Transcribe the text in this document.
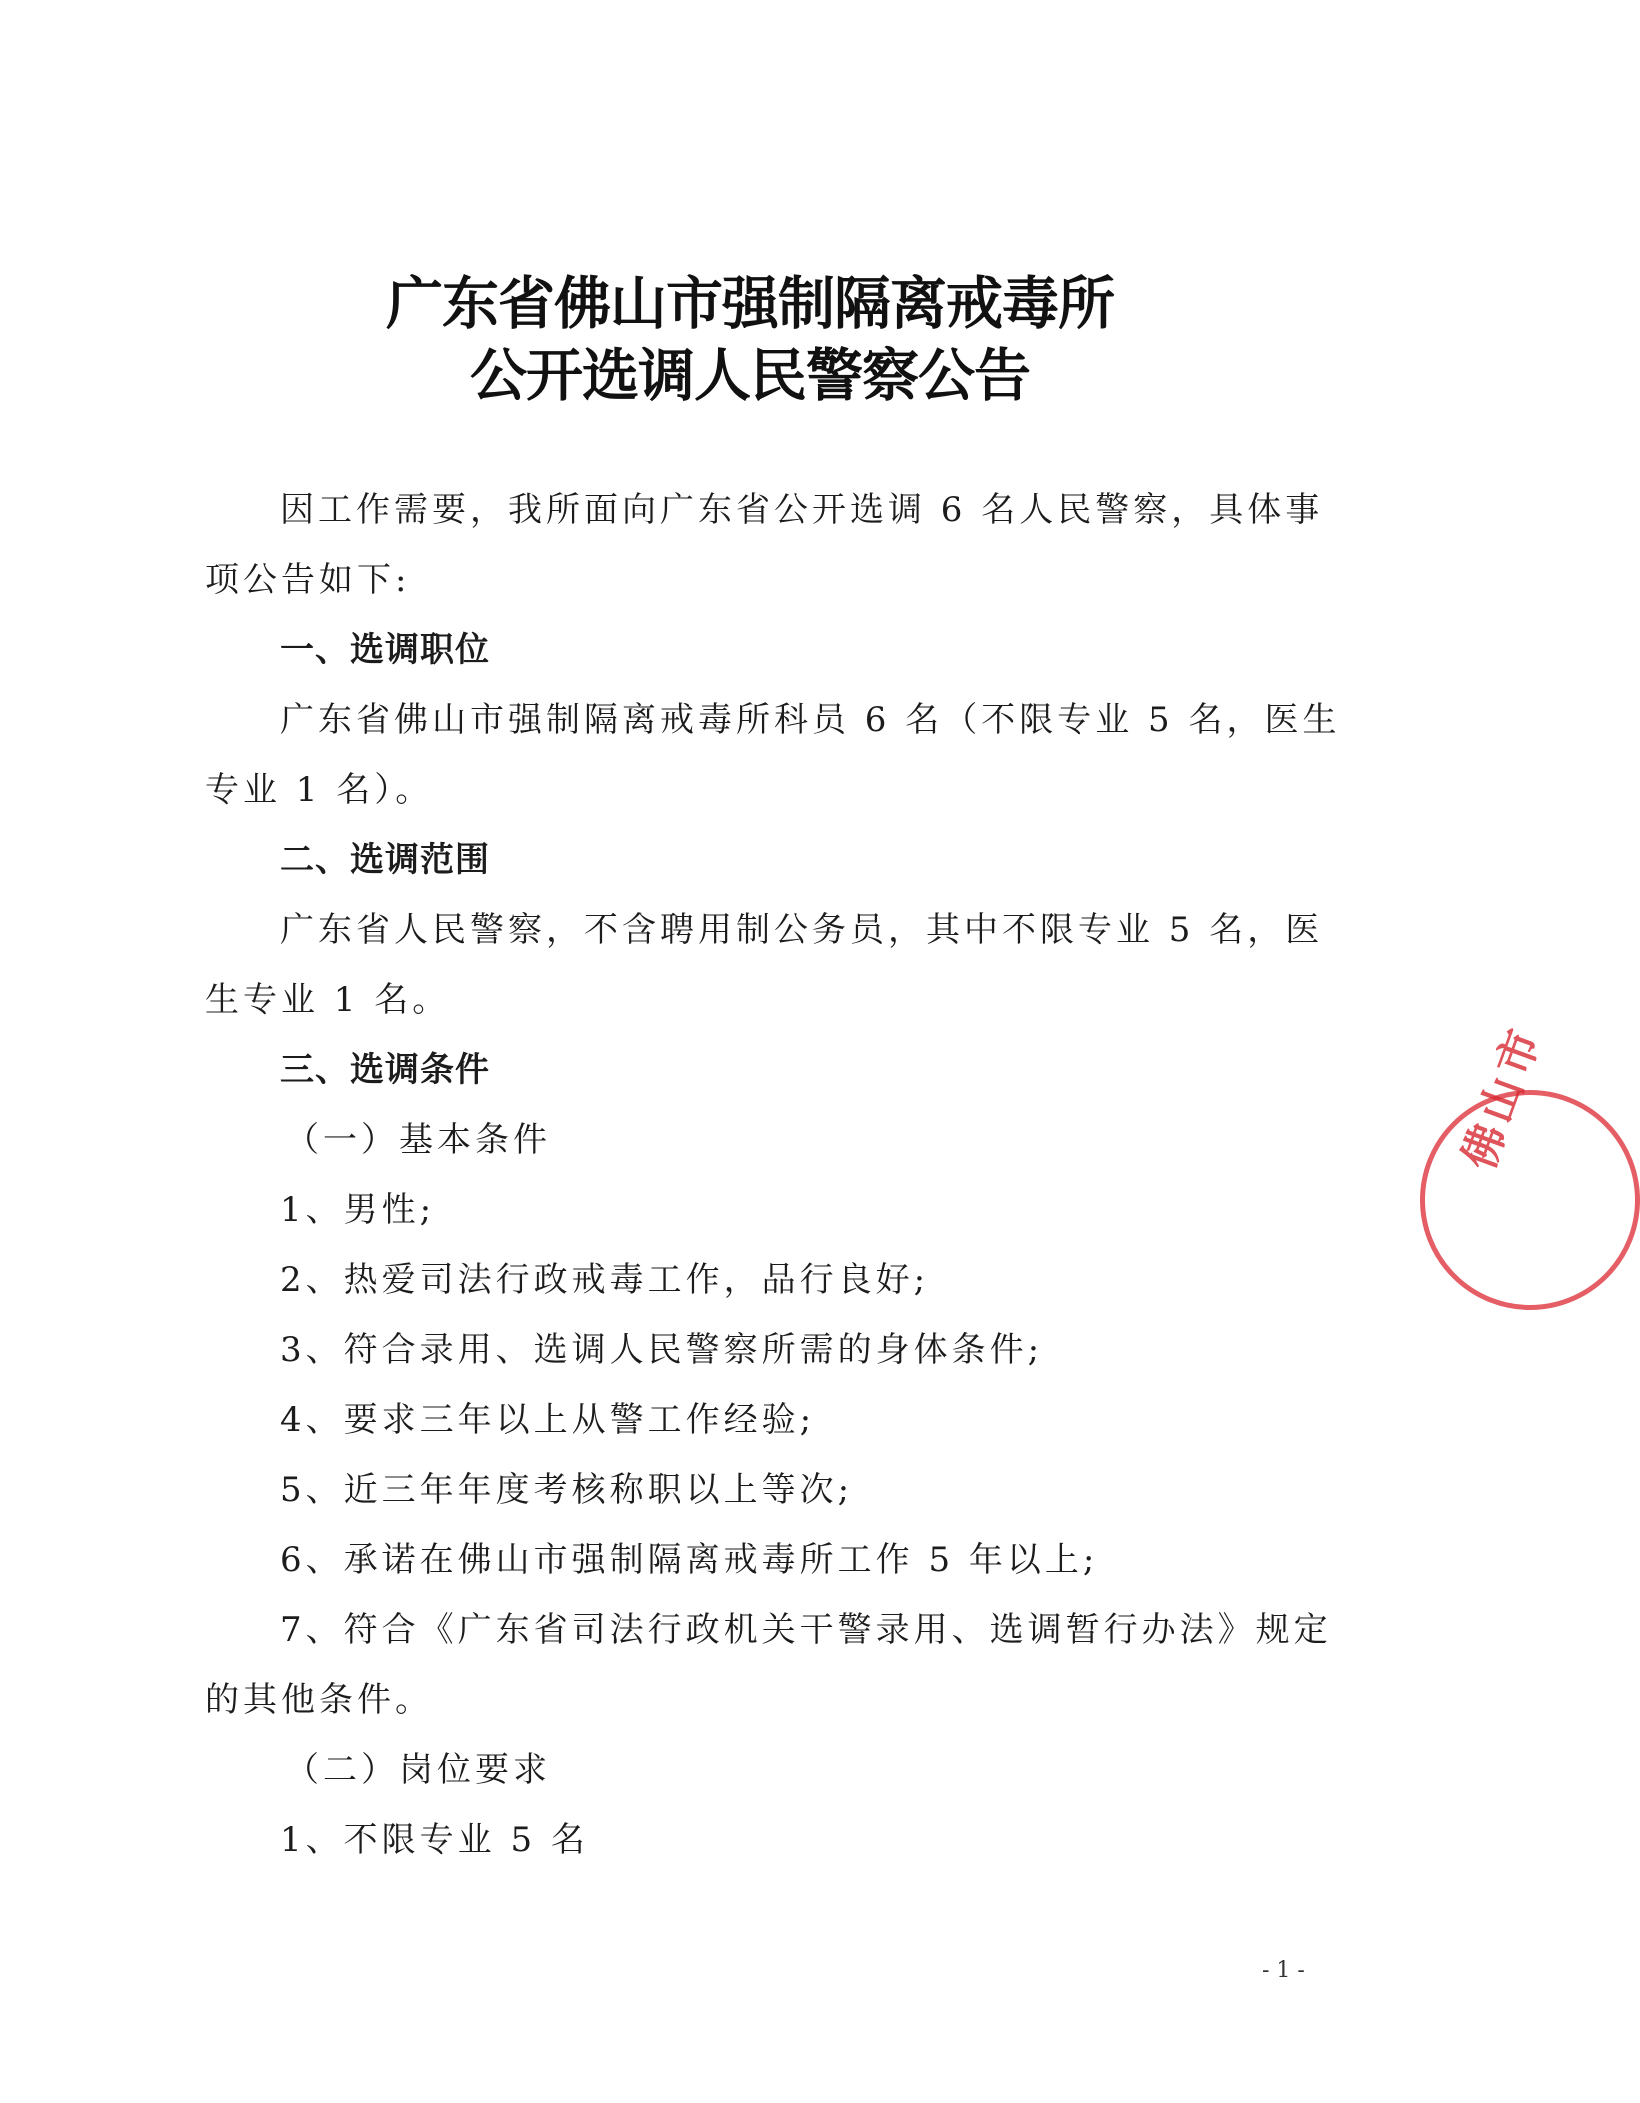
广东省佛山市强制隔离戒毒所
公开选调人民警察公告
因工作需要，我所面向广东省公开选调 6 名人民警察，具体事
项公告如下:
一、选调职位
广东省佛山市强制隔离戒毒所科员 6 名（不限专业 5 名，医生
专业 1 名）。
二、选调范围
广东省人民警察，不含聘用制公务员，其中不限专业 5 名，医
生专业 1 名。
三、选调条件
（一）基本条件
1、男性;
2、热爱司法行政戒毒工作，品行良好;
3、符合录用、选调人民警察所需的身体条件;
4、要求三年以上从警工作经验;
5、近三年年度考核称职以上等次;
6、承诺在佛山市强制隔离戒毒所工作 5 年以上;
7、符合《广东省司法行政机关干警录用、选调暂行办法》规定
的其他条件。
（二）岗位要求
1、不限专业 5 名
佛山市
- 1 -
